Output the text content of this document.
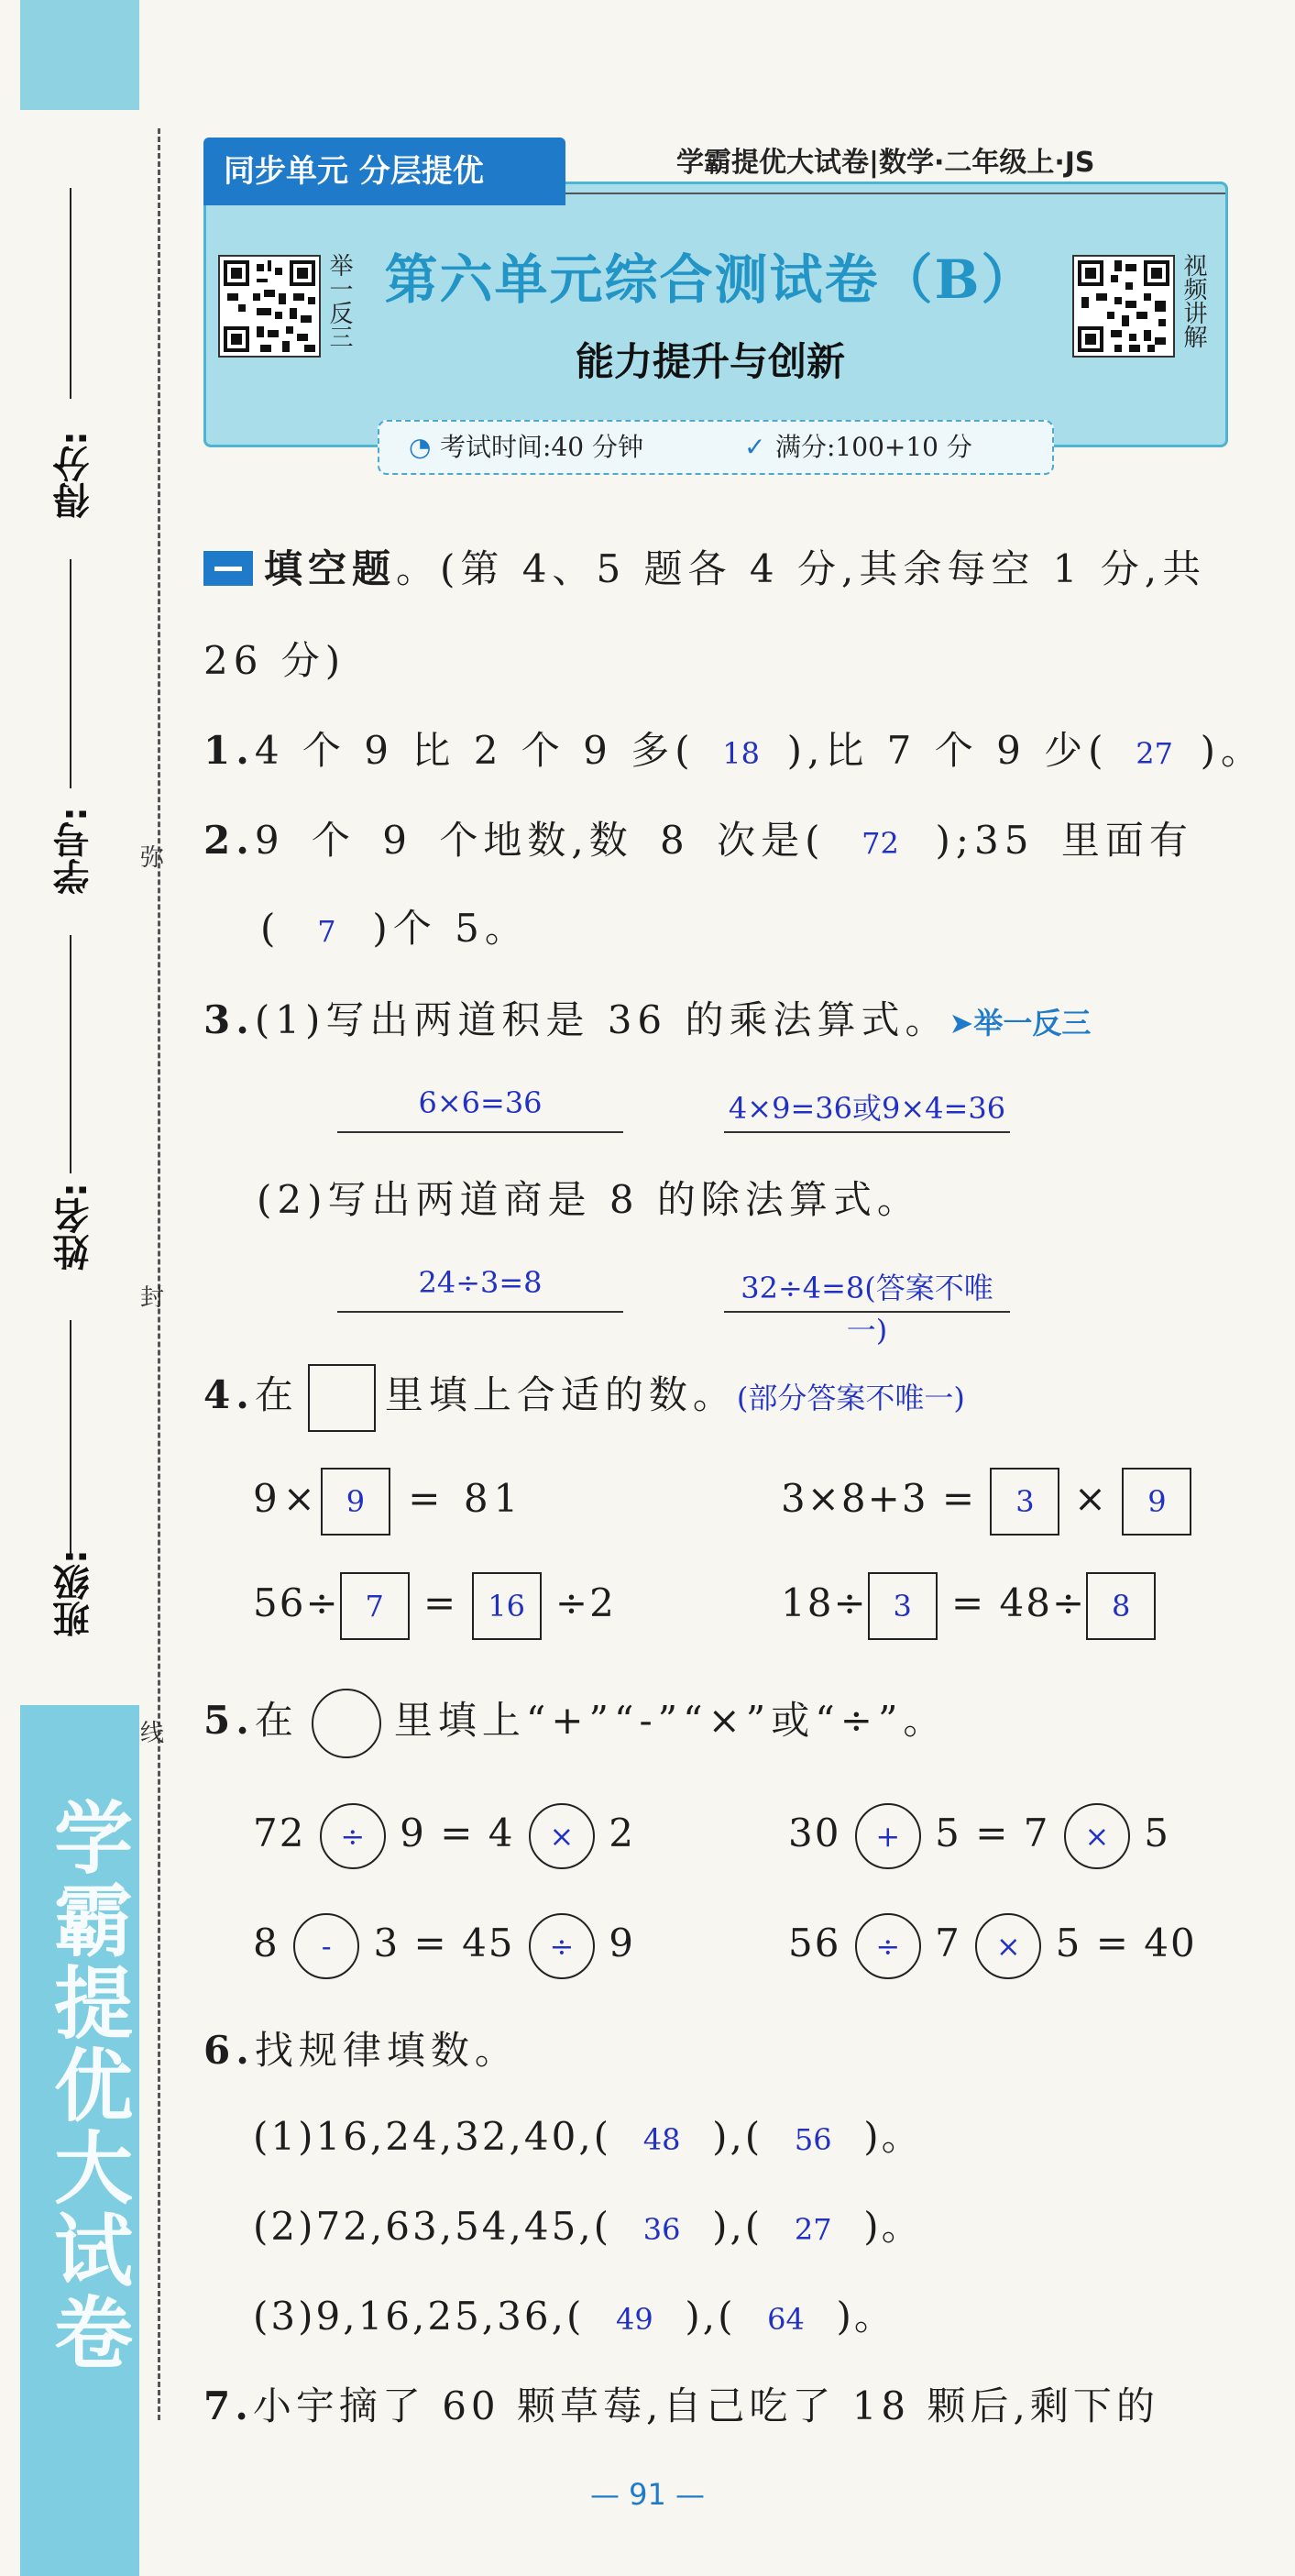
学霸提优大试卷
得分:
学号:
姓名:
班级:
弥
封
线
同步单元 分层提优	学霸提优大试卷|数学·二年级上·JS
举一反三	视频讲解
第六单元综合测试卷（B）
能力提升与创新
◔ 考试时间:40 分钟	✓ 满分:100+10 分
填空题。(第 4、5 题各 4 分,其余每空 1 分,共
26 分)
1.4 个 9 比 2 个 9 多( 18 ),比 7 个 9 少( 27 )。
2.9 个 9 个地数,数 8 次是( 72 );35 里面有
( 7 )个 5。
3.(1)写出两道积是 36 的乘法算式。➤举一反三
6×6=36	4×9=36或9×4=36
(2)写出两道商是 8 的除法算式。
24÷3=8	32÷4=8(答案不唯一)
4.在 里填上合适的数。(部分答案不唯一)
9× 9 = 81	3×8+3 = 3 × 9
56÷ 7 = 16 ÷2	18÷ 3 = 48÷ 8
5.在 里填上“+”“-”“×”或“÷”。
72 ÷ 9 = 4 × 2	30 + 5 = 7 × 5
8 - 3 = 45 ÷ 9	56 ÷ 7 × 5 = 40
6.找规律填数。
(1)16,24,32,40,( 48 ),( 56 )。
(2)72,63,54,45,( 36 ),( 27 )。
(3)9,16,25,36,( 49 ),( 64 )。
7.小宇摘了 60 颗草莓,自己吃了 18 颗后,剩下的
— 91 —
